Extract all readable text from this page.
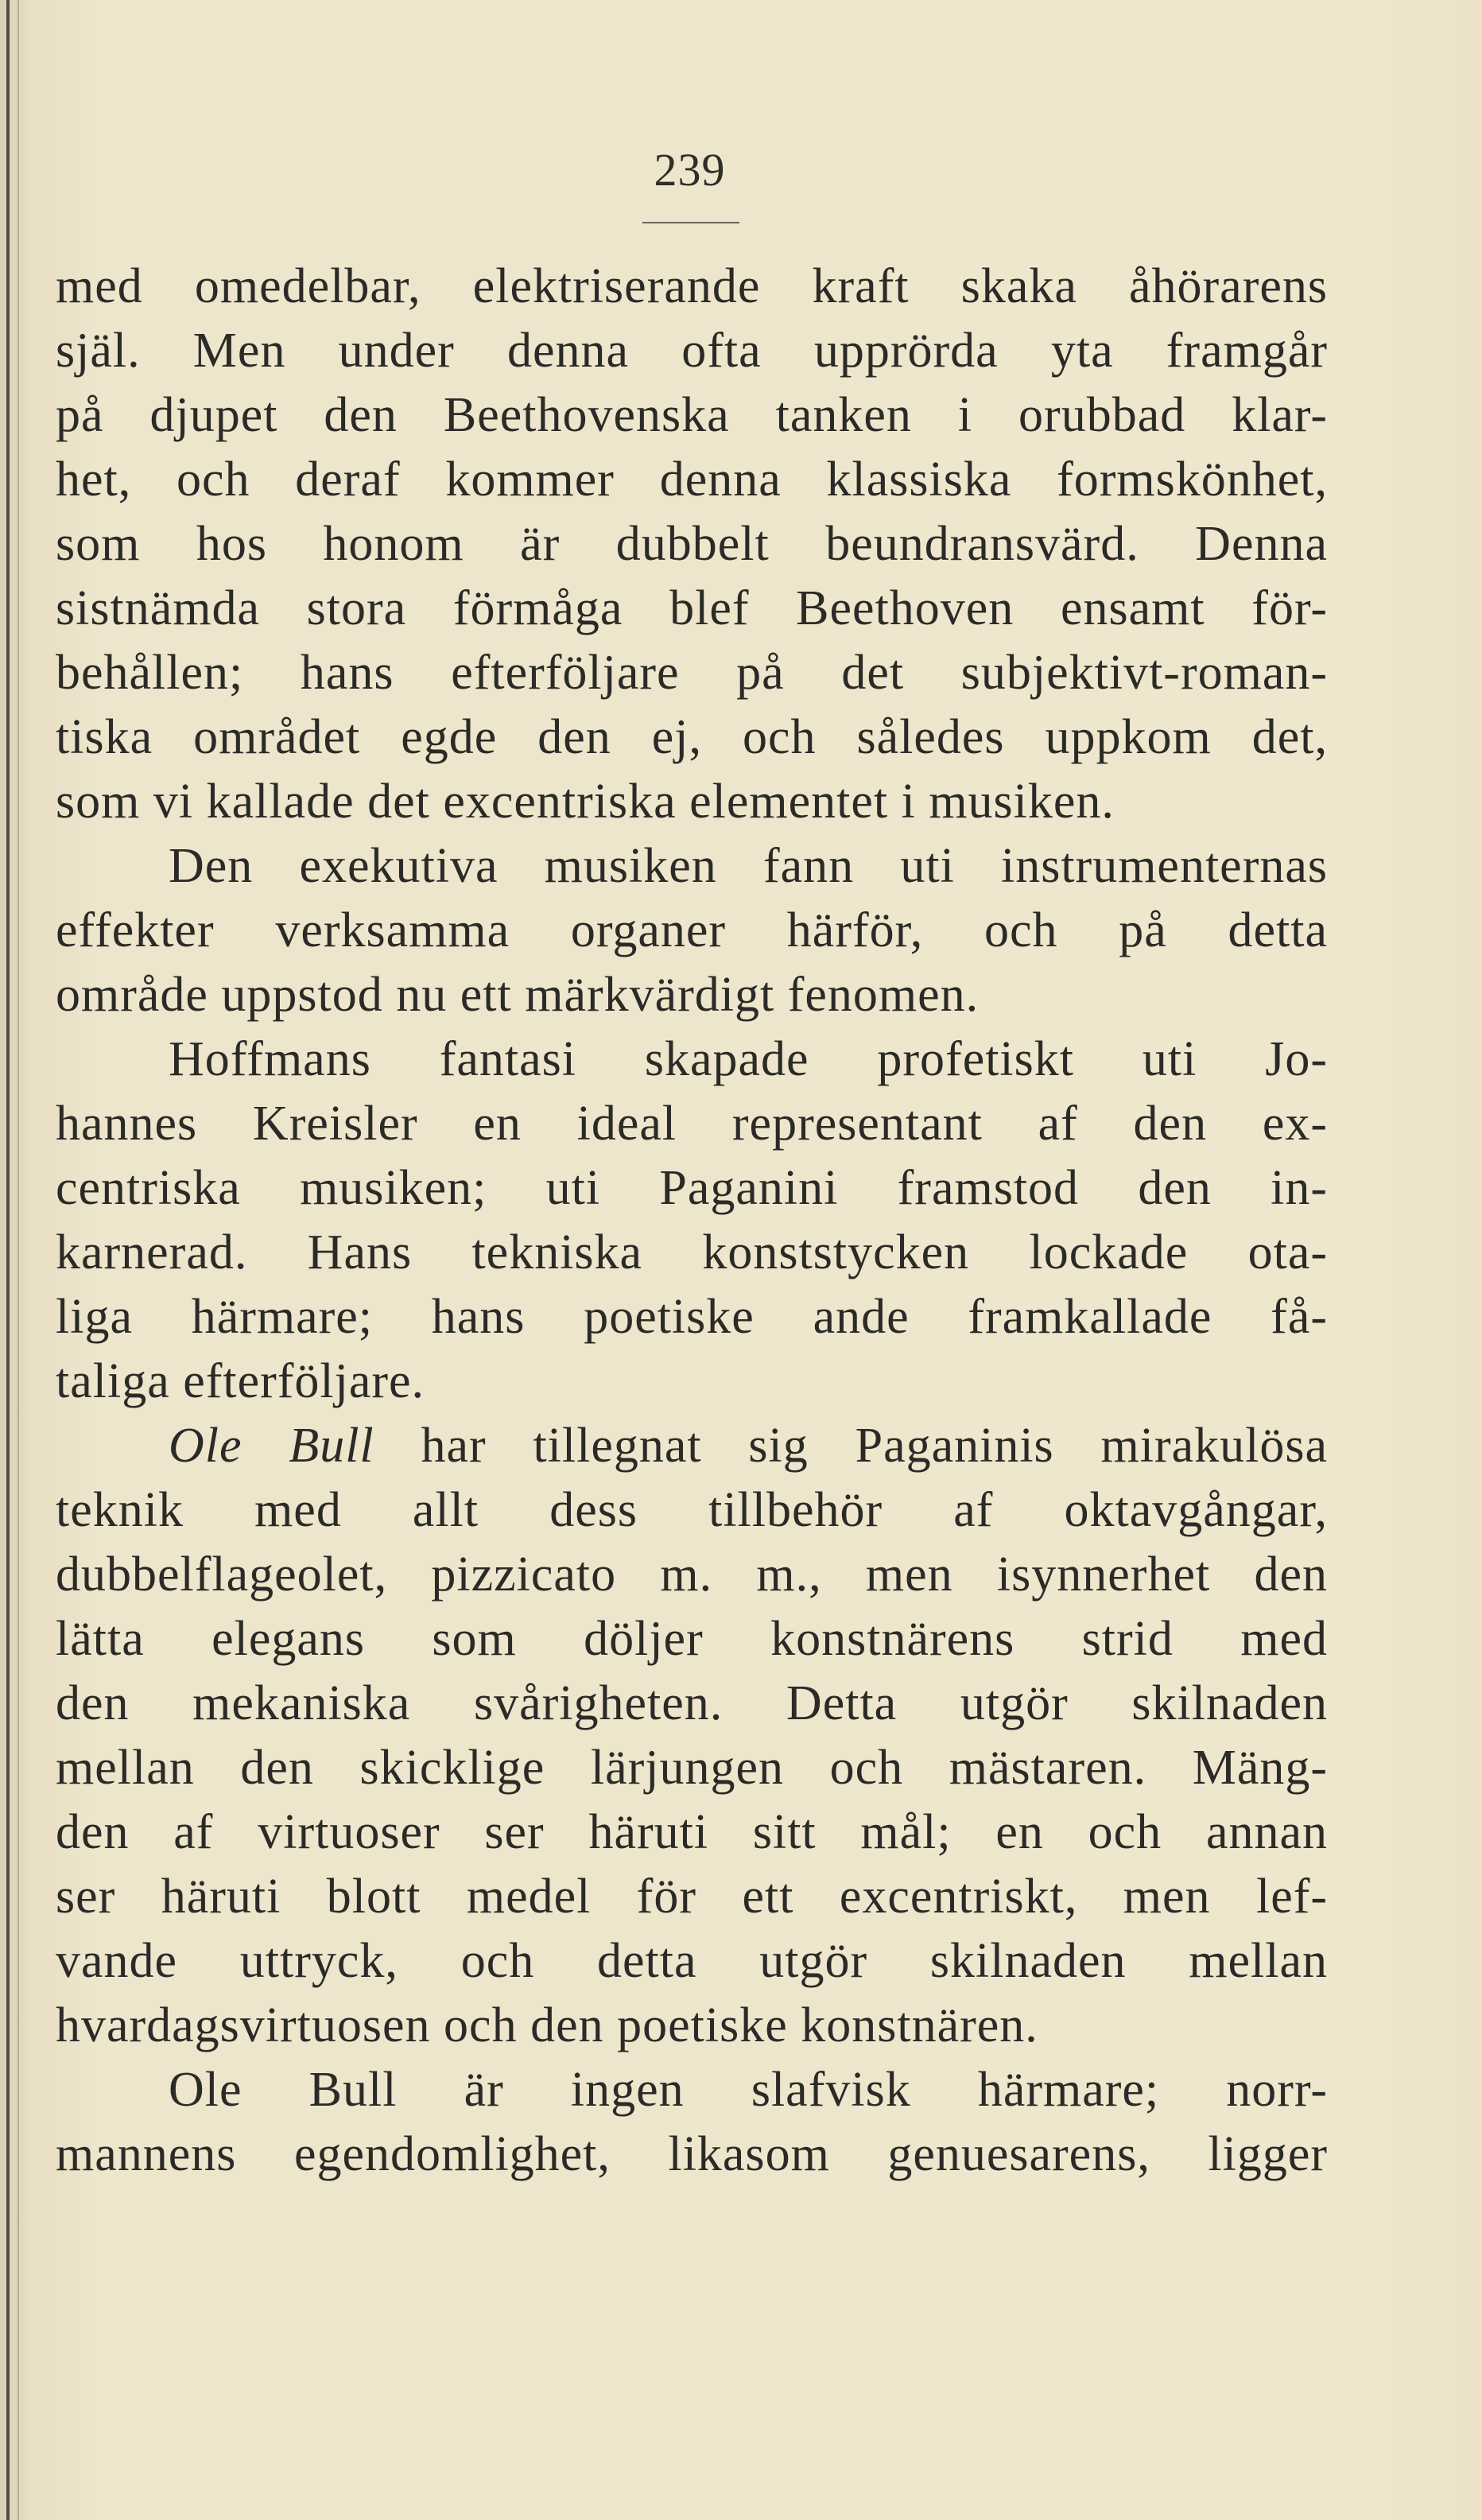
239
med omedelbar, elektriserande kraft skaka åhörarens
själ. Men under denna ofta upprörda yta framgår
på djupet den Beethovenska tanken i orubbad klar-
het, och deraf kommer denna klassiska formskönhet,
som hos honom är dubbelt beundransvärd. Denna
sistnämda stora förmåga blef Beethoven ensamt för-
behållen; hans efterföljare på det subjektivt-roman-
tiska området egde den ej, och således uppkom det,
som vi kallade det excentriska elementet i musiken.
Den exekutiva musiken fann uti instrumenternas
effekter verksamma organer härför, och på detta
område uppstod nu ett märkvärdigt fenomen.
Hoffmans fantasi skapade profetiskt uti Jo-
hannes Kreisler en ideal representant af den ex-
centriska musiken; uti Paganini framstod den in-
karnerad. Hans tekniska konststycken lockade ota-
liga härmare; hans poetiske ande framkallade få-
taliga efterföljare.
Ole Bull har tillegnat sig Paganinis mirakulösa
teknik med allt dess tillbehör af oktavgångar,
dubbelflageolet, pizzicato m. m., men isynnerhet den
lätta elegans som döljer konstnärens strid med
den mekaniska svårigheten. Detta utgör skilnaden
mellan den skicklige lärjungen och mästaren. Mäng-
den af virtuoser ser häruti sitt mål; en och annan
ser häruti blott medel för ett excentriskt, men lef-
vande uttryck, och detta utgör skilnaden mellan
hvardagsvirtuosen och den poetiske konstnären.
Ole Bull är ingen slafvisk härmare; norr-
mannens egendomlighet, likasom genuesarens, ligger
